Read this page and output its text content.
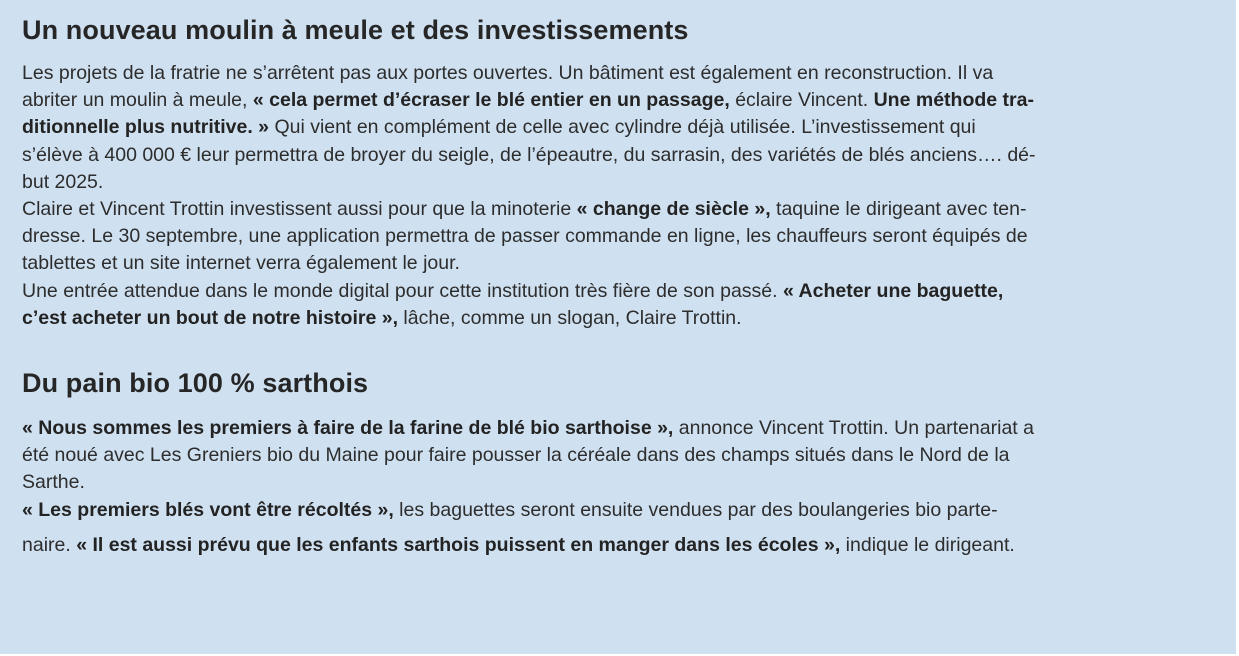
Un nouveau moulin à meule et des investissements

Les projets de la fratrie ne s’arrêtent pas aux portes ouvertes. Un bâtiment est également en reconstruction. Il va
abriter un moulin à meule, « cela permet d’écraser le blé entier en un passage, éclaire Vincent. Une méthode tra-
ditionnelle plus nutritive. » Qui vient en complément de celle avec cylindre déjà utilisée. L’investissement qui
s’élève à 400 000 € leur permettra de broyer du seigle, de l’épeautre, du sarrasin, des variétés de blés anciens…. dé-
but 2025.
Claire et Vincent Trottin investissent aussi pour que la minoterie « change de siècle », taquine le dirigeant avec ten-
dresse. Le 30 septembre, une application permettra de passer commande en ligne, les chauffeurs seront équipés de
tablettes et un site internet verra également le jour.
Une entrée attendue dans le monde digital pour cette institution très fière de son passé. « Acheter une baguette,
c’est acheter un bout de notre histoire », lâche, comme un slogan, Claire Trottin.

Du pain bio 100 % sarthois

« Nous sommes les premiers à faire de la farine de blé bio sarthoise », annonce Vincent Trottin. Un partenariat a
été noué avec Les Greniers bio du Maine pour faire pousser la céréale dans des champs situés dans le Nord de la
Sarthe.
« Les premiers blés vont être récoltés », les baguettes seront ensuite vendues par des boulangeries bio parte-
naire. « Il est aussi prévu que les enfants sarthois puissent en manger dans les écoles », indique le dirigeant.
